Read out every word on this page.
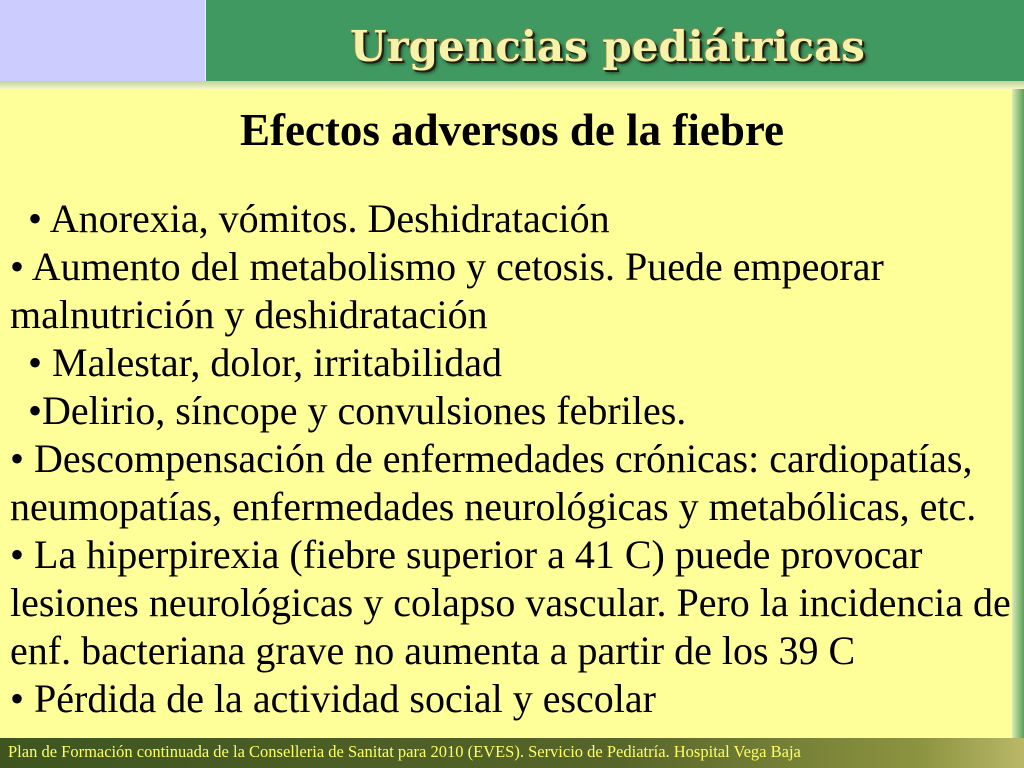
Urgencias pediátricas
Efectos adversos de la fiebre
• Anorexia, vómitos. Deshidratación
• Aumento del metabolismo y cetosis. Puede empeorar
malnutrición y deshidratación
• Malestar, dolor, irritabilidad
•Delirio, síncope y convulsiones febriles.
• Descompensación de enfermedades crónicas: cardiopatías,
neumopatías, enfermedades neurológicas y metabólicas, etc.
• La hiperpirexia (fiebre superior a 41 C) puede provocar
lesiones neurológicas y colapso vascular. Pero la incidencia de
enf. bacteriana grave no aumenta a partir de los 39 C
• Pérdida de la actividad social y escolar
Plan de Formación continuada de la Conselleria de Sanitat para 2010 (EVES). Servicio de Pediatría. Hospital Vega Baja
